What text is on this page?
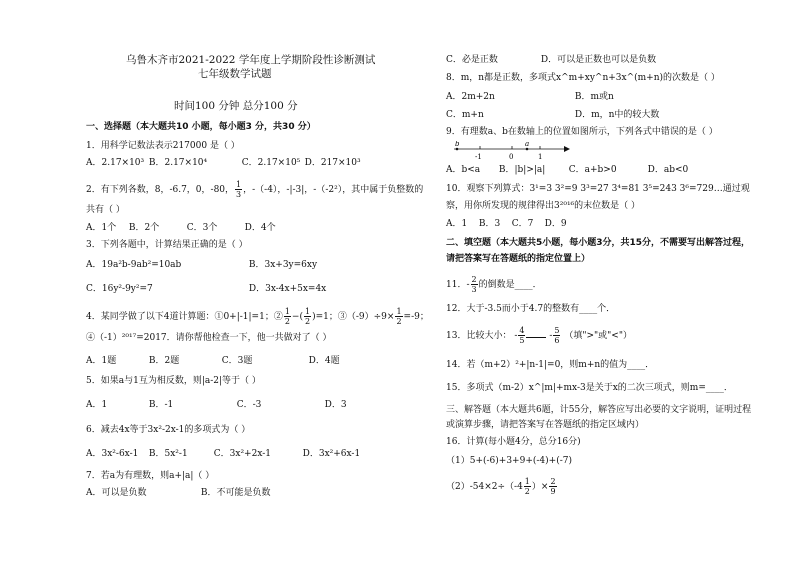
乌鲁木齐市2021-2022 学年度上学期阶段性诊断测试
七年级数学试题
时间100 分钟 总分100 分
一、选择题（本大题共10 小题，每小题3 分，共30 分）
1．用科学记数法表示217000 是（ ）
A．2.17×10³ B．2.17×10⁴	C．2.17×10⁵ D．217×10³
2．有下列各数，8，-6.7，0，-80， $\frac{1}{3}$ ，-（-4），-|-3|，-（-2²），其中属于负整数的
共有（ ）
A．1个 B．2个	C．3个	D．4个
3．下列各题中，计算结果正确的是（ ）
A．19a²b-9ab²=10ab	B．3x+3y=6xy
C．16y²-9y²=7	D．3x-4x+5x=4x
4．某同学做了以下4道计算题：①0+|-1|=1；② $\frac{1}{2}$ −( $\frac{1}{2} )=1$；③（-9）÷9× $\frac{1}{2} =-9$；
④（-1）²⁰¹⁷=2017．请你帮他检查一下，他一共做对了（ ）
A．1题	B．2题	C．3题	D．4题
5．如果a与1互为相反数，则|a-2|等于（ ）
A．1	B．-1	C．-3	D．3
6．减去4x等于3x²-2x-1的多项式为（ ）
A．3x²-6x-1 B．5x²-1	C．3x²+2x-1	D．3x²+6x-1
7．若a为有理数，则a+|a|（ ）
A．可以是负数	B．不可能是负数
C．必是正数	D．可以是正数也可以是负数
8．m，n都是正数，多项式x^m+xy^n+3x^(m+n)的次数是（ ）
A．2m+2n	B．m或n
C．m+n	D．m，n中的较大数
9．有理数a、b在数轴上的位置如图所示，下列各式中错误的是（ ）
b
-1	0
a
1
A．b<a B．|b|>|a|	C．a+b>0	D．ab<0
10．观察下列算式：3¹=3 3²=9 3³=27 3⁴=81 3⁵=243 3⁶=729…通过观
察，用你所发现的规律得出3²⁰¹⁶的末位数是（ ）
A．1 B．3 C．7 D．9
二、填空题（本大题共5小题，每小题3分，共15分，不需要写出解答过程，
请把答案写在答题纸的指定位置上）
11．- $\frac{2}{3}$ 的倒数是____．
12．大于-3.5而小于4.7的整数有____个．
13．比较大小： - $\frac{4}{5} - \frac{5}{6}$ （填">"或"<"）
14．若（m+2）²+|n-1|=0，则m+n的值为____．
15．多项式（m-2）x^|m|+mx-3是关于x的二次三项式，则m=____．
三、解答题（本大题共6题，计55分，解答应写出必要的文字说明，证明过程
或演算步骤，请把答案写在答题纸的指定区域内）
16．计算(每小题4分，总分16分)
（1）5+(-6)+3+9+(-4)+(-7)
$(2)-54\times 2\div(-4 \frac{1}{2}$ ）× $\frac{2}{9}$
